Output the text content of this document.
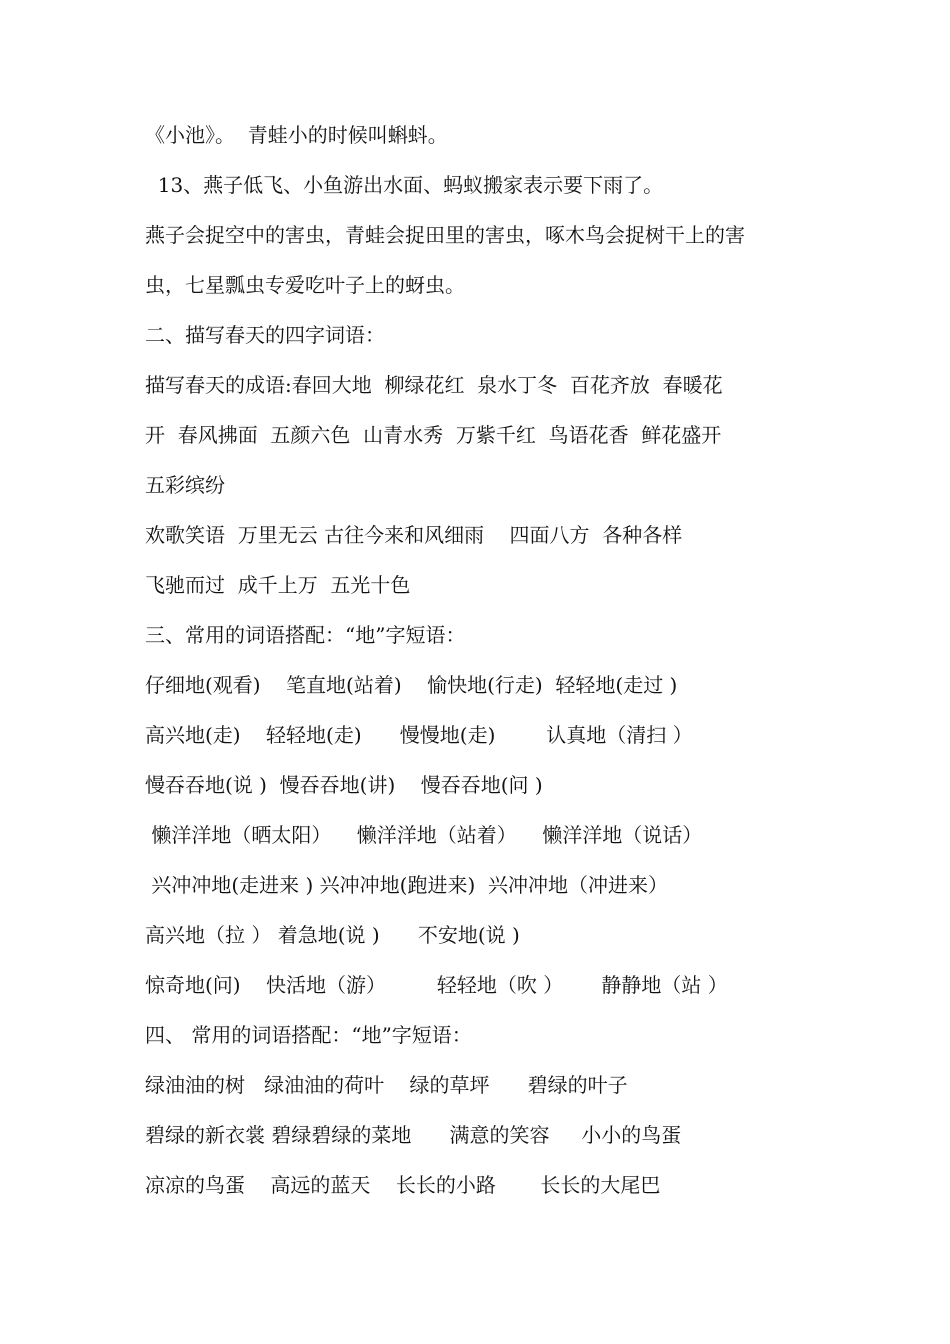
《小池》。  青蛙小的时候叫蝌蚪。
13、燕子低飞、小鱼游出水面、蚂蚁搬家表示要下雨了。
燕子会捉空中的害虫，青蛙会捉田里的害虫，啄木鸟会捉树干上的害
虫，七星瓢虫专爱吃叶子上的蚜虫。
二、描写春天的四字词语：
描写春天的成语:春回大地  柳绿花红  泉水丁冬  百花齐放  春暖花
开  春风拂面  五颜六色  山青水秀  万紫千红  鸟语花香  鲜花盛开
五彩缤纷
欢歌笑语  万里无云 古往今来和风细雨    四面八方  各种各样
飞驰而过  成千上万  五光十色
三、常用的词语搭配：“地”字短语：
仔细地(观看)    笔直地(站着)    愉快地(行走)  轻轻地(走过 )
高兴地(走)    轻轻地(走)      慢慢地(走)        认真地（清扫 ）
慢吞吞地(说 )  慢吞吞地(讲)    慢吞吞地(问 )
懒洋洋地（晒太阳）    懒洋洋地（站着）    懒洋洋地（说话）
兴冲冲地(走进来 ) 兴冲冲地(跑进来)  兴冲冲地（冲进来）
高兴地（拉 ） 着急地(说 )      不安地(说 )
惊奇地(问)    快活地（游）        轻轻地（吹 ）      静静地（站 ）
四、 常用的词语搭配：“地”字短语：
绿油油的树   绿油油的荷叶    绿的草坪      碧绿的叶子
碧绿的新衣裳 碧绿碧绿的菜地      满意的笑容     小小的鸟蛋
凉凉的鸟蛋    高远的蓝天    长长的小路       长长的大尾巴
